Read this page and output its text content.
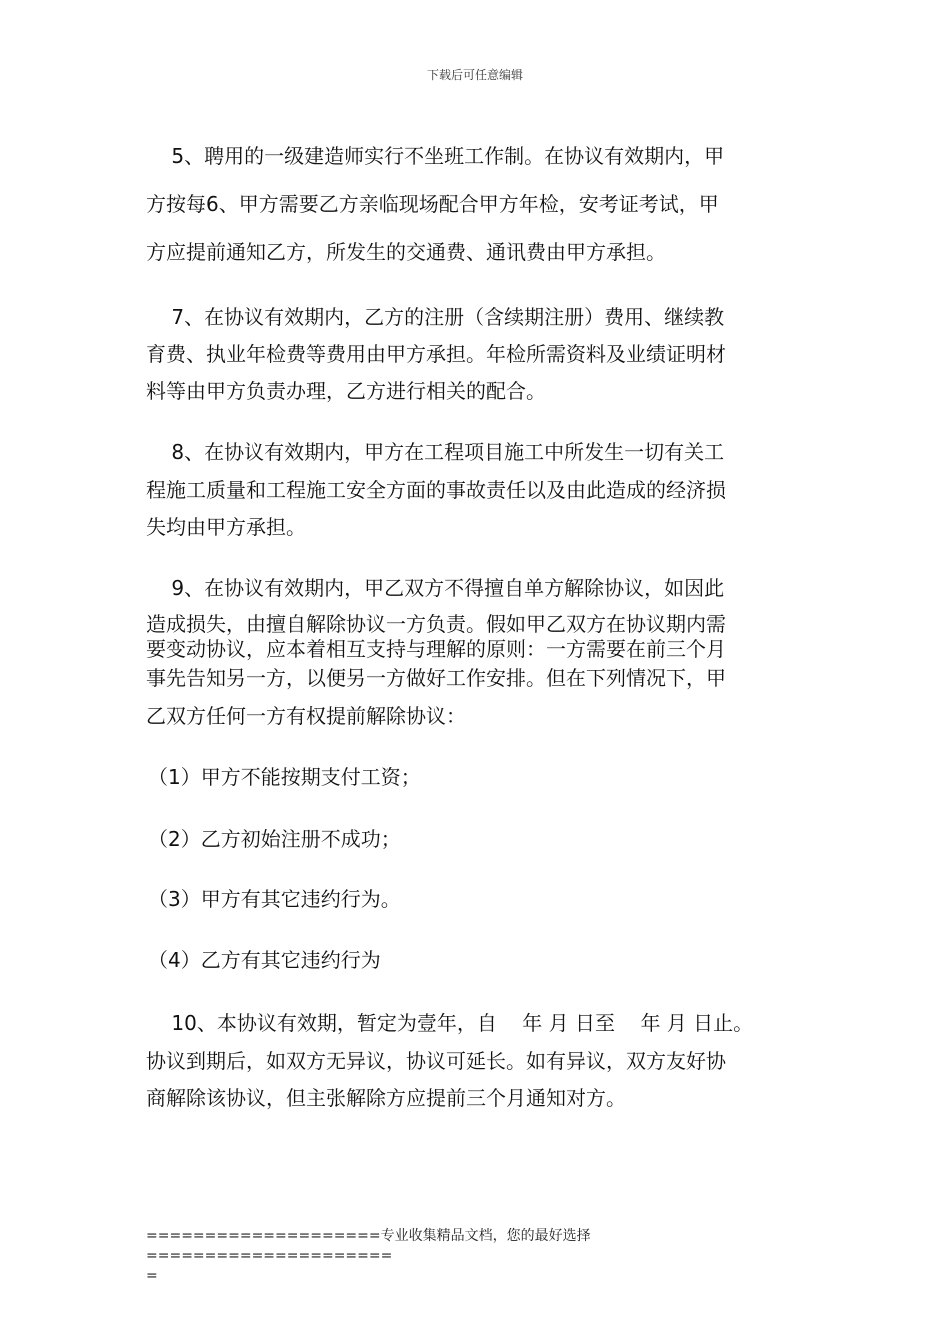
下载后可任意编辑
5、聘用的一级建造师实行不坐班工作制。在协议有效期内，甲
方按每6、甲方需要乙方亲临现场配合甲方年检，安考证考试，甲
方应提前通知乙方，所发生的交通费、通讯费由甲方承担。
7、在协议有效期内，乙方的注册（含续期注册）费用、继续教
育费、执业年检费等费用由甲方承担。年检所需资料及业绩证明材
料等由甲方负责办理，乙方进行相关的配合。
8、在协议有效期内，甲方在工程项目施工中所发生一切有关工
程施工质量和工程施工安全方面的事故责任以及由此造成的经济损
失均由甲方承担。
9、在协议有效期内，甲乙双方不得擅自单方解除协议，如因此
造成损失，由擅自解除协议一方负责。假如甲乙双方在协议期内需
要变动协议，应本着相互支持与理解的原则：一方需要在前三个月
事先告知另一方，以便另一方做好工作安排。但在下列情况下，甲
乙双方任何一方有权提前解除协议：
（1）甲方不能按期支付工资；
（2）乙方初始注册不成功；
（3）甲方有其它违约行为。
（4）乙方有其它违约行为
10、本协议有效期，暂定为壹年，自    年 月 日至    年 月 日止。
协议到期后，如双方无异议，协议可延长。如有异议，双方友好协
商解除该协议，但主张解除方应提前三个月通知对方。
====================专业收集精品文档，您的最好选择=====================
=
